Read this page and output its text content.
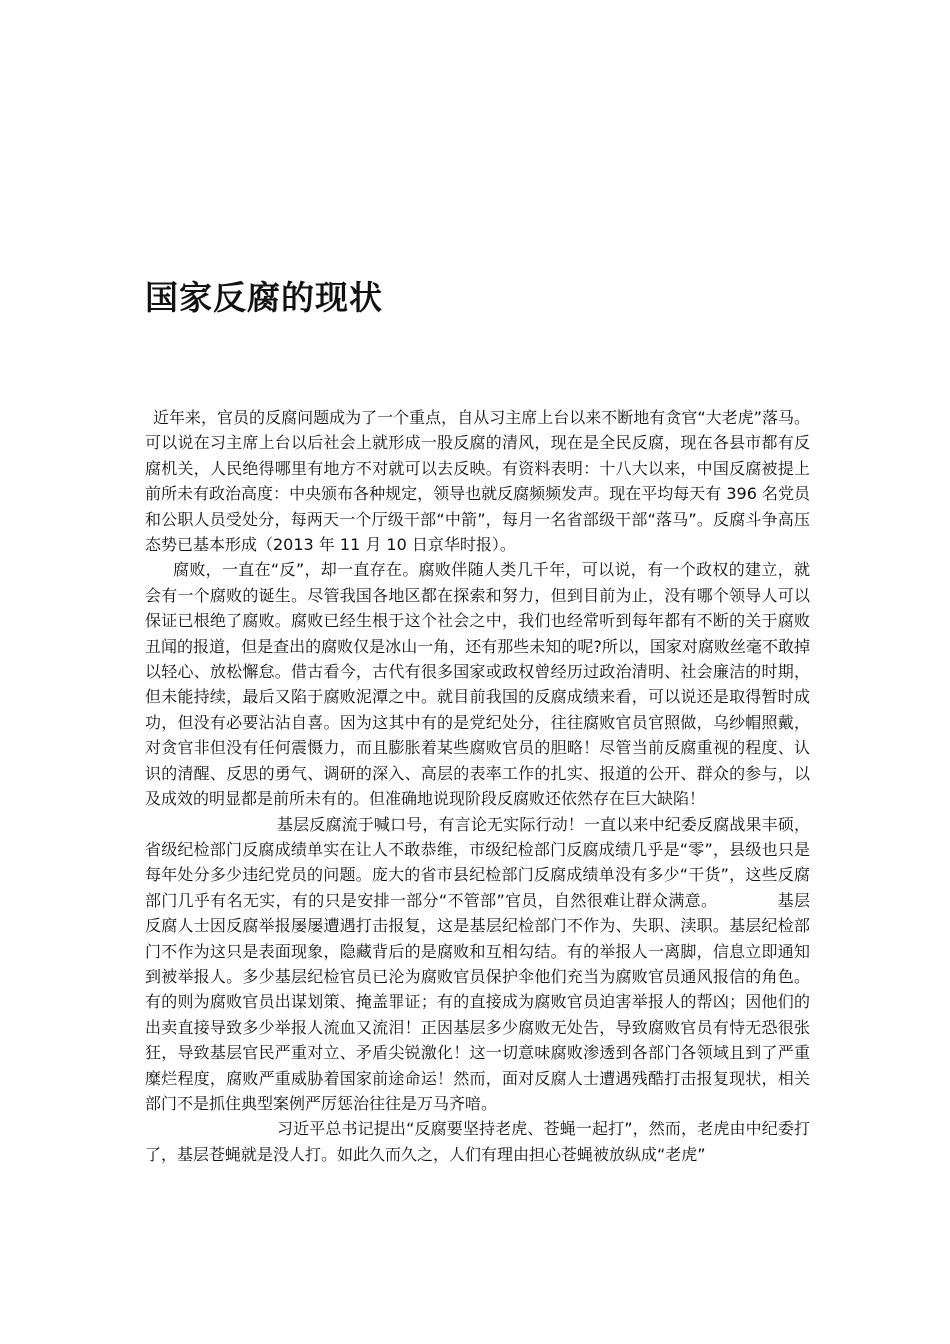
国家反腐的现状

近年来，官员的反腐问题成为了一个重点，自从习主席上台以来不断地有贪官“大老虎”落马。可以说在习主席上台以后社会上就形成一股反腐的清风，现在是全民反腐，现在各县市都有反腐机关，人民绝得哪里有地方不对就可以去反映。有资料表明：十八大以来，中国反腐被提上前所未有政治高度：中央颁布各种规定，领导也就反腐频频发声。现在平均每天有 396 名党员和公职人员受处分，每两天一个厅级干部“中箭”，每月一名省部级干部“落马”。反腐斗争高压态势已基本形成（2013 年 11 月 10 日京华时报）。

腐败，一直在“反”，却一直存在。腐败伴随人类几千年，可以说，有一个政权的建立，就会有一个腐败的诞生。尽管我国各地区都在探索和努力，但到目前为止，没有哪个领导人可以保证已根绝了腐败。腐败已经生根于这个社会之中，我们也经常听到每年都有不断的关于腐败丑闻的报道，但是查出的腐败仅是冰山一角，还有那些未知的呢?所以，国家对腐败丝毫不敢掉以轻心、放松懈怠。借古看今，古代有很多国家或政权曾经历过政治清明、社会廉洁的时期，但未能持续，最后又陷于腐败泥潭之中。就目前我国的反腐成绩来看，可以说还是取得暂时成功，但没有必要沾沾自喜。因为这其中有的是党纪处分，往往腐败官员官照做，乌纱帽照戴，对贪官非但没有任何震慑力，而且膨胀着某些腐败官员的胆略！尽管当前反腐重视的程度、认识的清醒、反思的勇气、调研的深入、高层的表率工作的扎实、报道的公开、群众的参与，以及成效的明显都是前所未有的。但准确地说现阶段反腐败还依然存在巨大缺陷！

基层反腐流于喊口号，有言论无实际行动！一直以来中纪委反腐战果丰硕，省级纪检部门反腐成绩单实在让人不敢恭维，市级纪检部门反腐成绩几乎是“零”，县级也只是每年处分多少违纪党员的问题。庞大的省市县纪检部门反腐成绩单没有多少“干货”，这些反腐部门几乎有名无实，有的只是安排一部分“不管部”官员，自然很难让群众满意。	基层反腐人士因反腐举报屡屡遭遇打击报复，这是基层纪检部门不作为、失职、渎职。基层纪检部门不作为这只是表面现象，隐藏背后的是腐败和互相勾结。有的举报人一离脚，信息立即通知到被举报人。多少基层纪检官员已沦为腐败官员保护伞他们充当为腐败官员通风报信的角色。有的则为腐败官员出谋划策、掩盖罪证；有的直接成为腐败官员迫害举报人的帮凶；因他们的出卖直接导致多少举报人流血又流泪！正因基层多少腐败无处告，导致腐败官员有恃无恐很张狂，导致基层官民严重对立、矛盾尖锐激化！这一切意味腐败渗透到各部门各领域且到了严重糜烂程度，腐败严重威胁着国家前途命运！然而，面对反腐人士遭遇残酷打击报复现状，相关部门不是抓住典型案例严厉惩治往往是万马齐喑。

习近平总书记提出“反腐要坚持老虎、苍蝇一起打”，然而，老虎由中纪委打了，基层苍蝇就是没人打。如此久而久之，人们有理由担心苍蝇被放纵成“老虎”
